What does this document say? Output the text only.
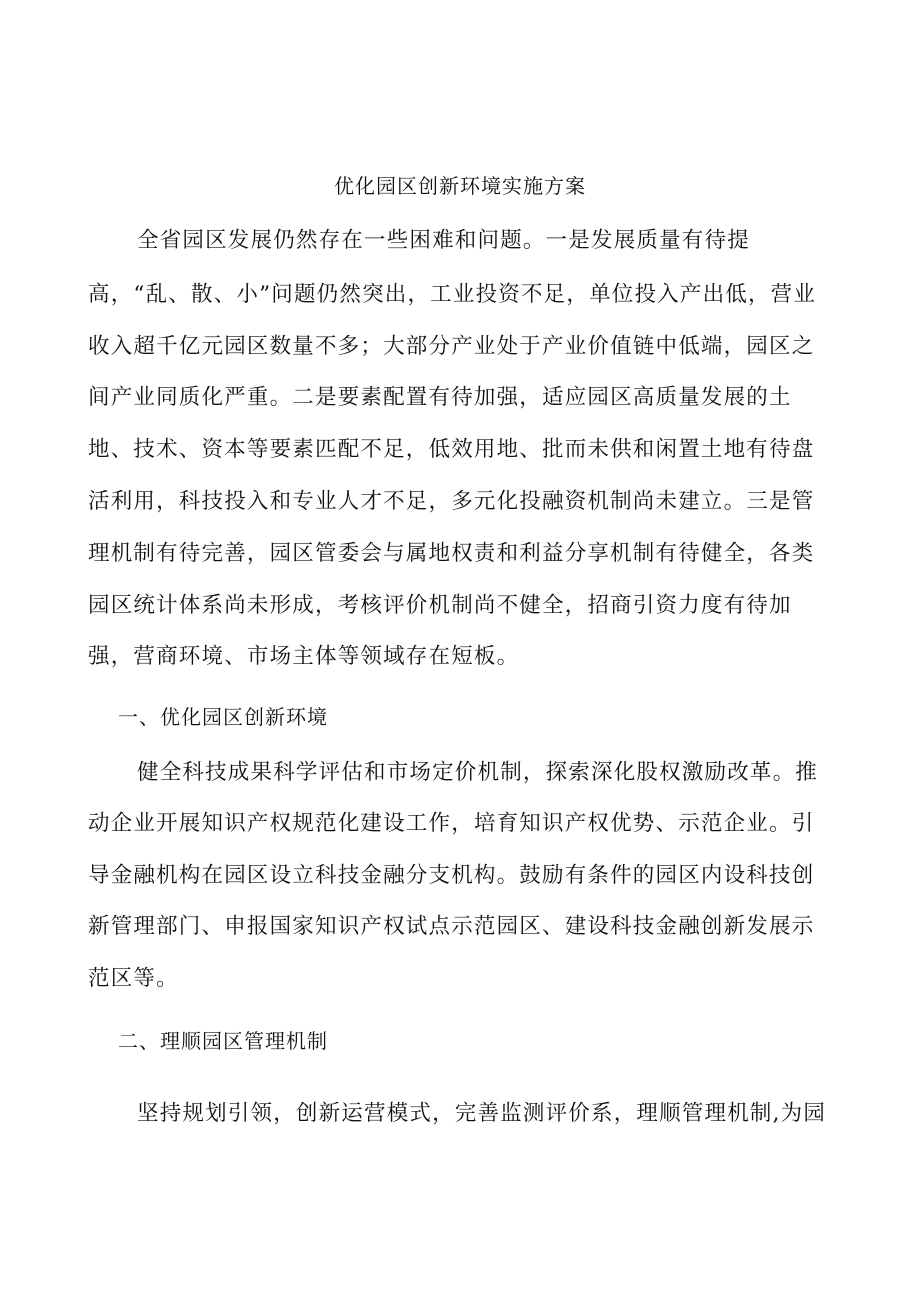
优化园区创新环境实施方案
全省园区发展仍然存在一些困难和问题。一是发展质量有待提
高，“乱、散、小”问题仍然突出，工业投资不足，单位投入产出低，营业
收入超千亿元园区数量不多；大部分产业处于产业价值链中低端，园区之
间产业同质化严重。二是要素配置有待加强，适应园区高质量发展的土
地、技术、资本等要素匹配不足，低效用地、批而未供和闲置土地有待盘
活利用，科技投入和专业人才不足，多元化投融资机制尚未建立。三是管
理机制有待完善，园区管委会与属地权责和利益分享机制有待健全，各类
园区统计体系尚未形成，考核评价机制尚不健全，招商引资力度有待加
强，营商环境、市场主体等领域存在短板。
一、优化园区创新环境
健全科技成果科学评估和市场定价机制，探索深化股权激励改革。推
动企业开展知识产权规范化建设工作，培育知识产权优势、示范企业。引
导金融机构在园区设立科技金融分支机构。鼓励有条件的园区内设科技创
新管理部门、申报国家知识产权试点示范园区、建设科技金融创新发展示
范区等。
二、理顺园区管理机制
坚持规划引领，创新运营模式，完善监测评价系，理顺管理机制,为园
